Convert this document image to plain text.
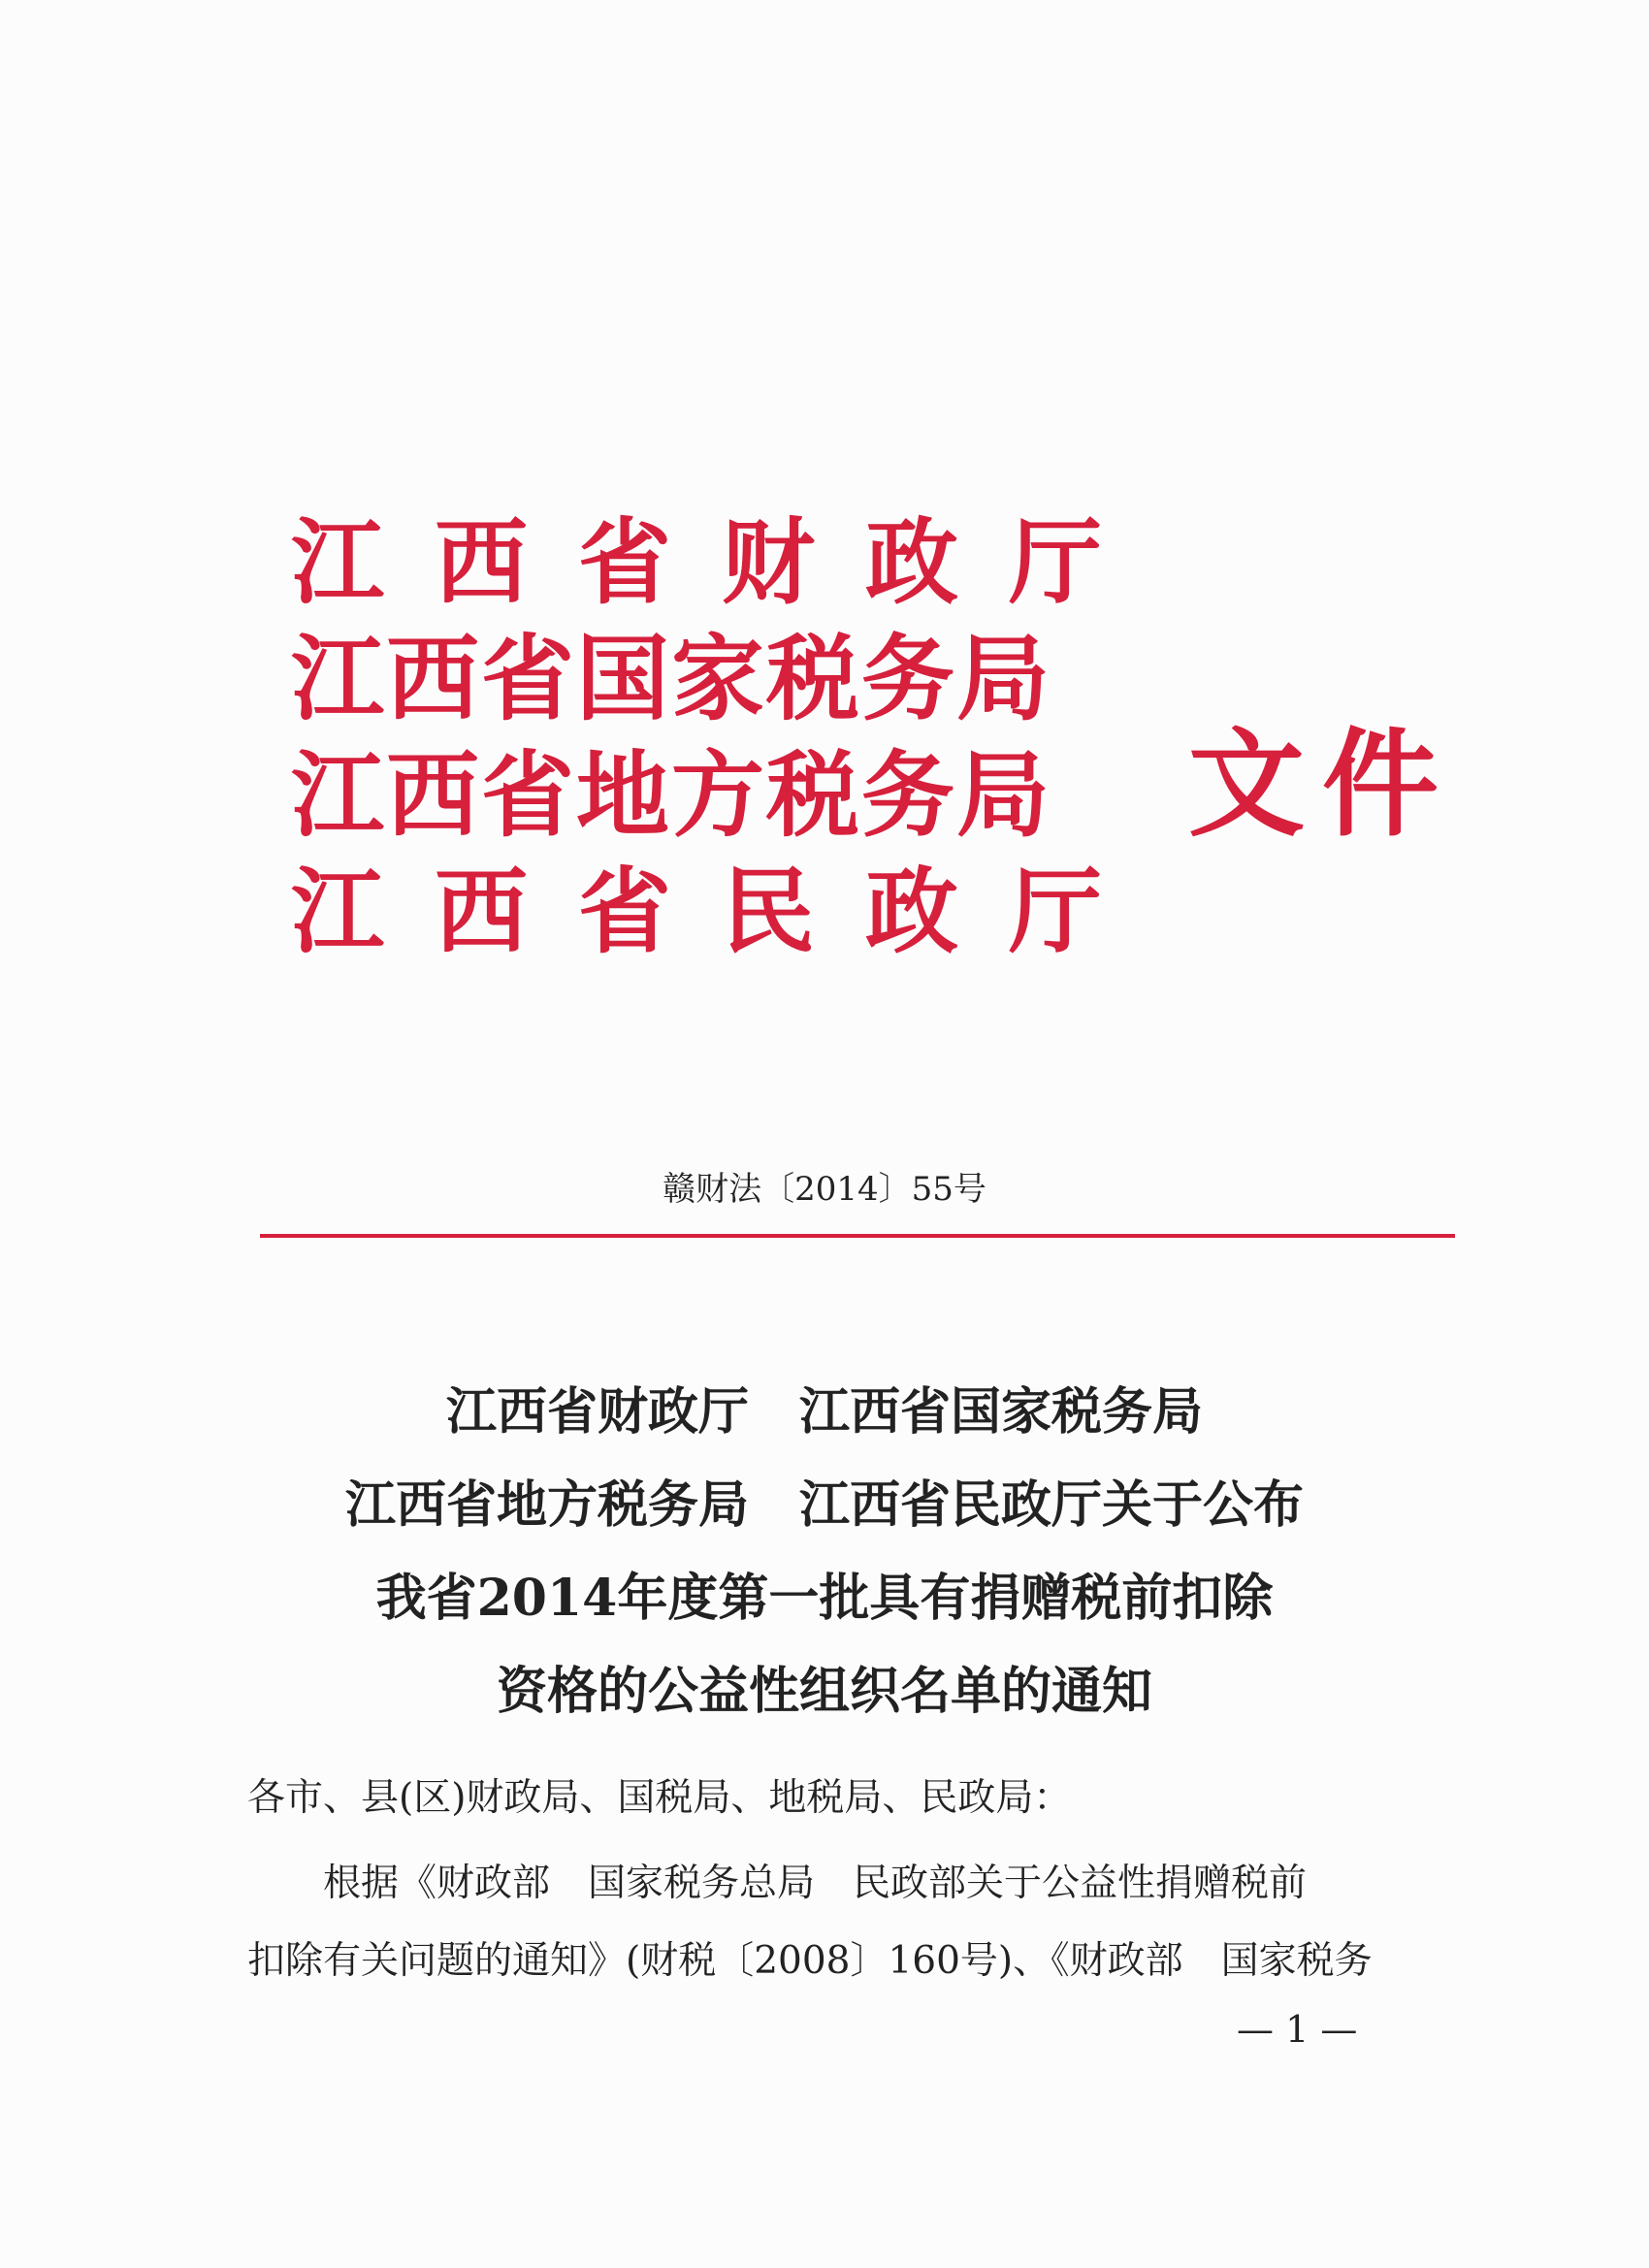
江西省财政厅
江西省国家税务局
江西省地方税务局
江西省民政厅
文件
赣财法〔2014〕55号
江西省财政厅　江西省国家税务局
江西省地方税务局　江西省民政厅关于公布
我省2014年度第一批具有捐赠税前扣除
资格的公益性组织名单的通知
各市、县(区)财政局、国税局、地税局、民政局：
　　根据《财政部　国家税务总局　民政部关于公益性捐赠税前
扣除有关问题的通知》(财税〔2008〕160号)、《财政部　国家税务
— 1 —
